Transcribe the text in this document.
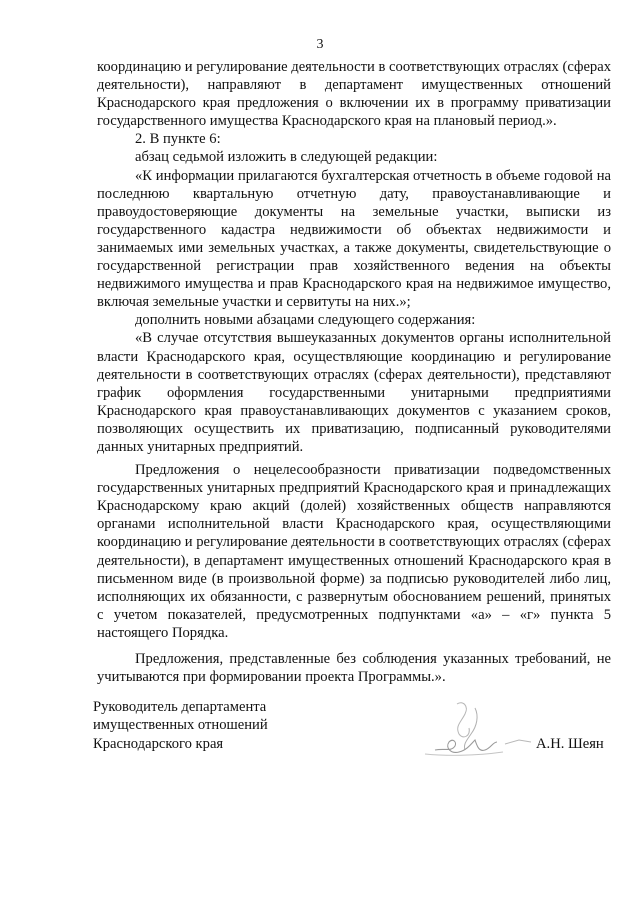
3

координацию и регулирование деятельности в соответствующих отраслях (сферах деятельности), направляют в департамент имущественных отношений Краснодарского края предложения о включении их в программу приватизации государственного имущества Краснодарского края на плановый период.».

2. В пункте 6:

абзац седьмой изложить в следующей редакции:

«К информации прилагаются бухгалтерская отчетность в объеме годовой на последнюю квартальную отчетную дату, правоустанавливающие и правоудостоверяющие документы на земельные участки, выписки из государственного кадастра недвижимости об объектах недвижимости и занимаемых ими земельных участках, а также документы, свидетельствующие о государственной регистрации прав хозяйственного ведения на объекты недвижимого имущества и прав Краснодарского края на недвижимое имущество, включая земельные участки и сервитуты на них.»;

дополнить новыми абзацами следующего содержания:

«В случае отсутствия вышеуказанных документов органы исполнительной власти Краснодарского края, осуществляющие координацию и регулирование деятельности в соответствующих отраслях (сферах деятельности), представляют график оформления государственными унитарными предприятиями Краснодарского края правоустанавливающих документов с указанием сроков, позволяющих осуществить их приватизацию, подписанный руководителями данных унитарных предприятий.

Предложения о нецелесообразности приватизации подведомственных государственных унитарных предприятий Краснодарского края и принадлежащих Краснодарскому краю акций (долей) хозяйственных обществ направляются органами исполнительной власти Краснодарского края, осуществляющими координацию и регулирование деятельности в соответствующих отраслях (сферах деятельности), в департамент имущественных отношений Краснодарского края в письменном виде (в произвольной форме) за подписью руководителей либо лиц, исполняющих их обязанности, с развернутым обоснованием решений, принятых с учетом показателей, предусмотренных подпунктами «а» – «г» пункта 5 настоящего Порядка.

Предложения, представленные без соблюдения указанных требований, не учитываются при формировании проекта Программы.».

Руководитель департамента
имущественных отношений
Краснодарского края	А.Н. Шеян
